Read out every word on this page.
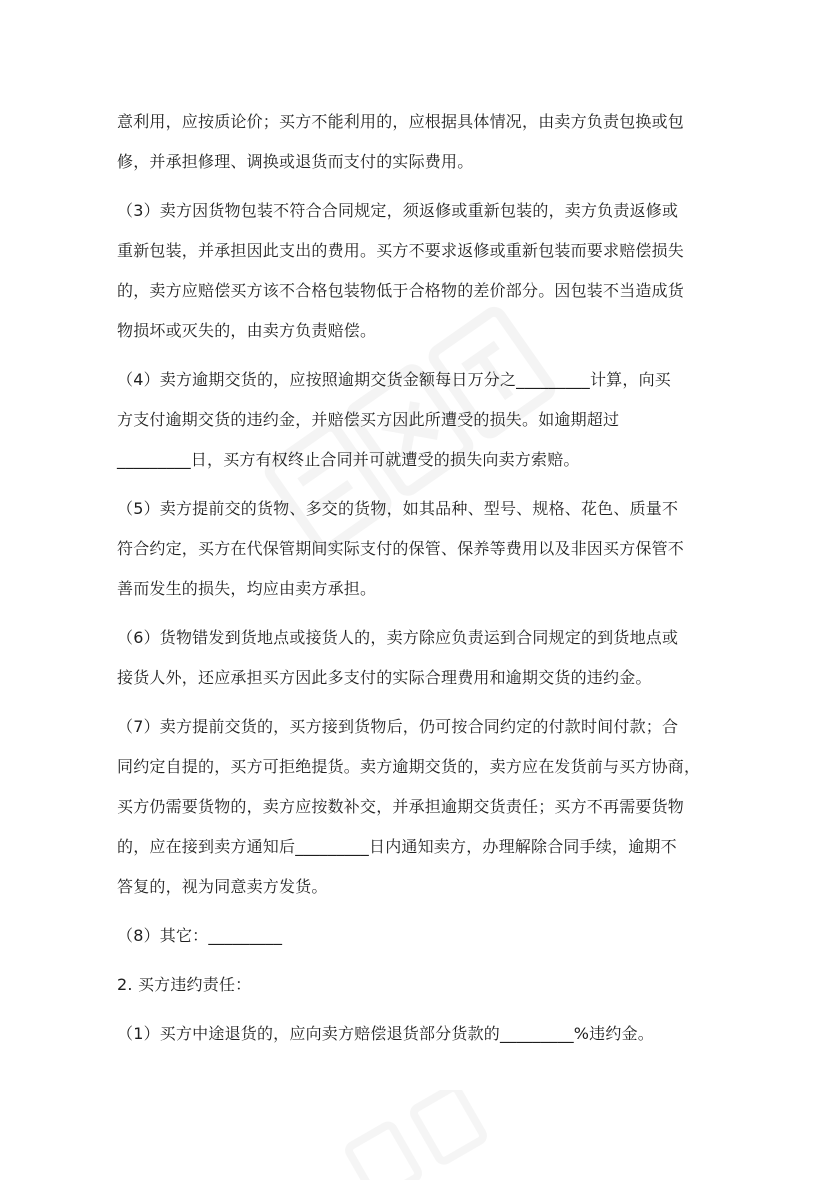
意利用，应按质论价；买方不能利用的，应根据具体情况，由卖方负责包换或包
修，并承担修理、调换或退货而支付的实际费用。
（3）卖方因货物包装不符合合同规定，须返修或重新包装的，卖方负责返修或
重新包装，并承担因此支出的费用。买方不要求返修或重新包装而要求赔偿损失
的，卖方应赔偿买方该不合格包装物低于合格物的差价部分。因包装不当造成货
物损坏或灭失的，由卖方负责赔偿。
（4）卖方逾期交货的，应按照逾期交货金额每日万分之_________计算，向买
方支付逾期交货的违约金，并赔偿买方因此所遭受的损失。如逾期超过
_________日，买方有权终止合同并可就遭受的损失向卖方索赔。
（5）卖方提前交的货物、多交的货物，如其品种、型号、规格、花色、质量不
符合约定，买方在代保管期间实际支付的保管、保养等费用以及非因买方保管不
善而发生的损失，均应由卖方承担。
（6）货物错发到货地点或接货人的，卖方除应负责运到合同规定的到货地点或
接货人外，还应承担买方因此多支付的实际合理费用和逾期交货的违约金。
（7）卖方提前交货的，买方接到货物后，仍可按合同约定的付款时间付款；合
同约定自提的，买方可拒绝提货。卖方逾期交货的，卖方应在发货前与买方协商，
买方仍需要货物的，卖方应按数补交，并承担逾期交货责任；买方不再需要货物
的，应在接到卖方通知后_________日内通知卖方，办理解除合同手续，逾期不
答复的，视为同意卖方发货。
（8）其它：_________
2. 买方违约责任：
（1）买方中途退货的，应向卖方赔偿退货部分货款的_________%违约金。
